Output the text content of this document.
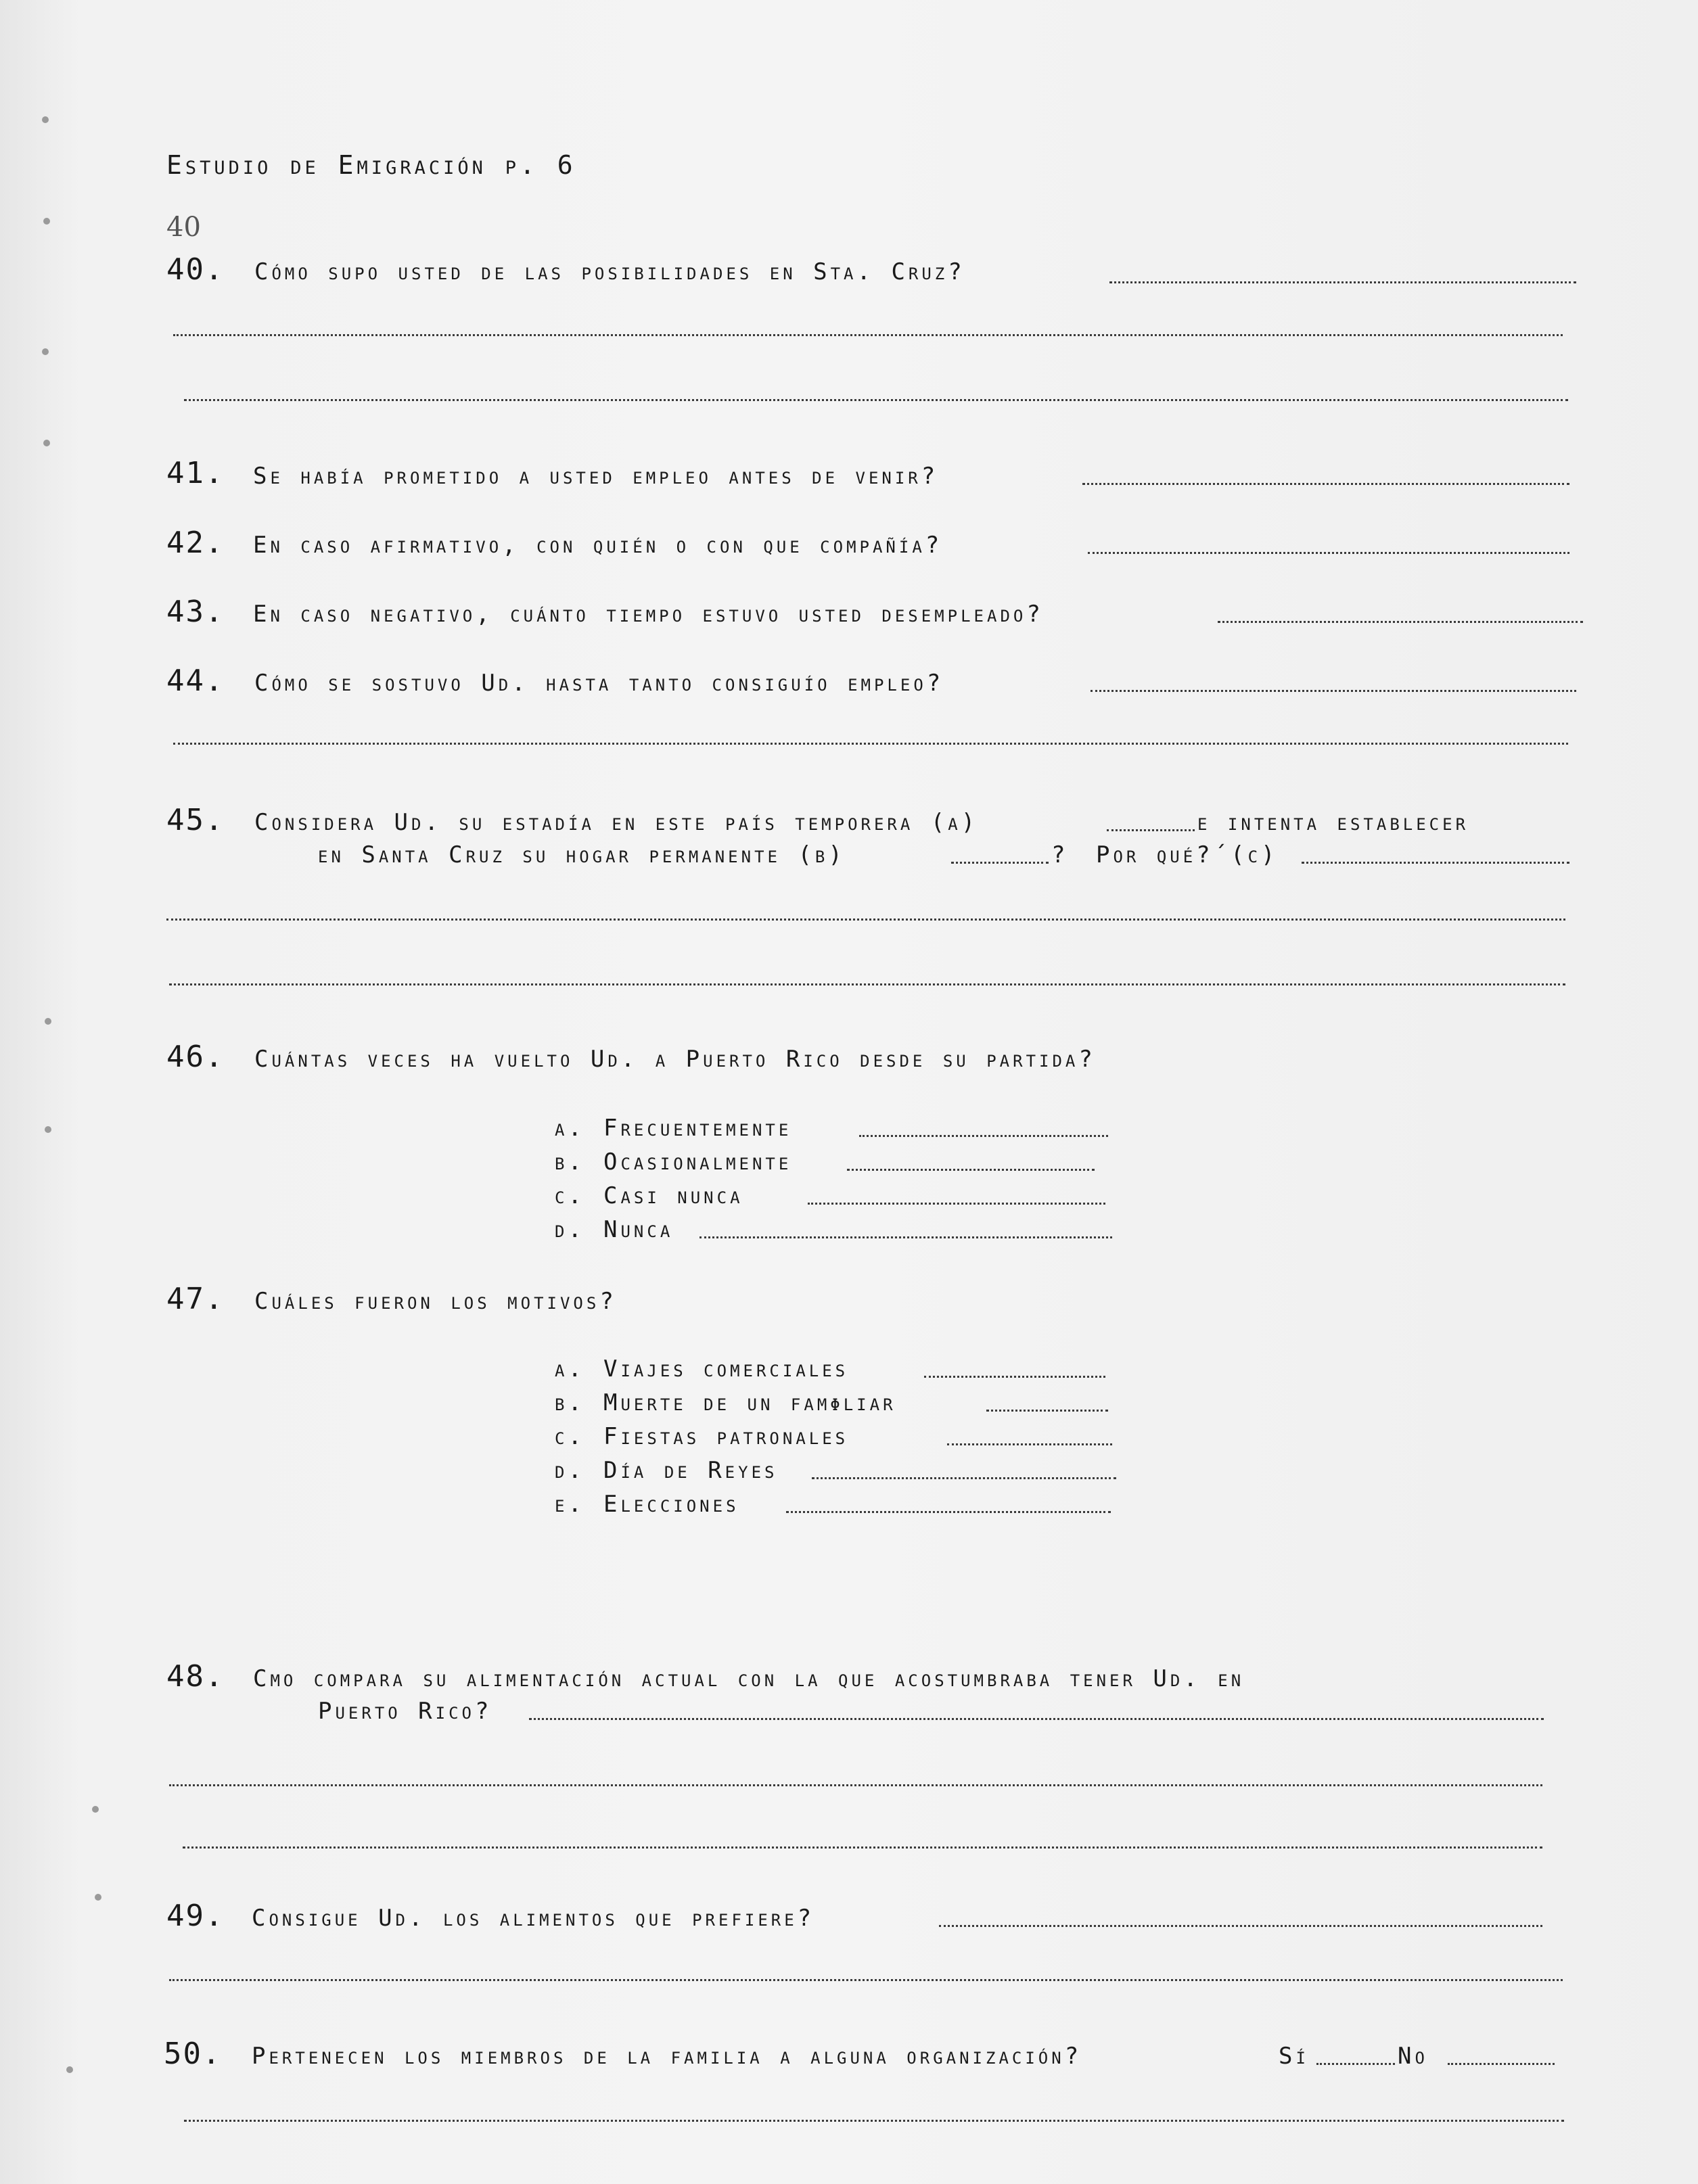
Estudio de Emigración p. 6
40
40. Cómo supo usted de las posibilidades en Sta. Cruz?
41. Se había prometido a usted empleo antes de venir?
42. En caso afirmativo, con quién o con que compañía?
43. En caso negativo, cuánto tiempo estuvo usted desempleado?
44. Cómo se sostuvo Ud. hasta tanto consiguío empleo?
45. Considera Ud. su estadía en este país temporera (a)	e intenta establecer
en Santa Cruz su hogar permanente (b)	? Por qué?´(c)
46. Cuántas veces ha vuelto Ud. a Puerto Rico desde su partida?
a. Frecuentemente
b. Ocasionalmente
c. Casi nunca
d. Nunca
47. Cuáles fueron los motivos?
a. Viajes comerciales
b. Muerte de un famφliar
c. Fiestas patronales
d. Día de Reyes
e. Elecciones
48. Cmo compara su alimentación actual con la que acostumbraba tener Ud. en
Puerto Rico?
49. Consigue Ud. los alimentos que prefiere?
50. Pertenecen los miembros de la familia a alguna organización?	Sí	No
